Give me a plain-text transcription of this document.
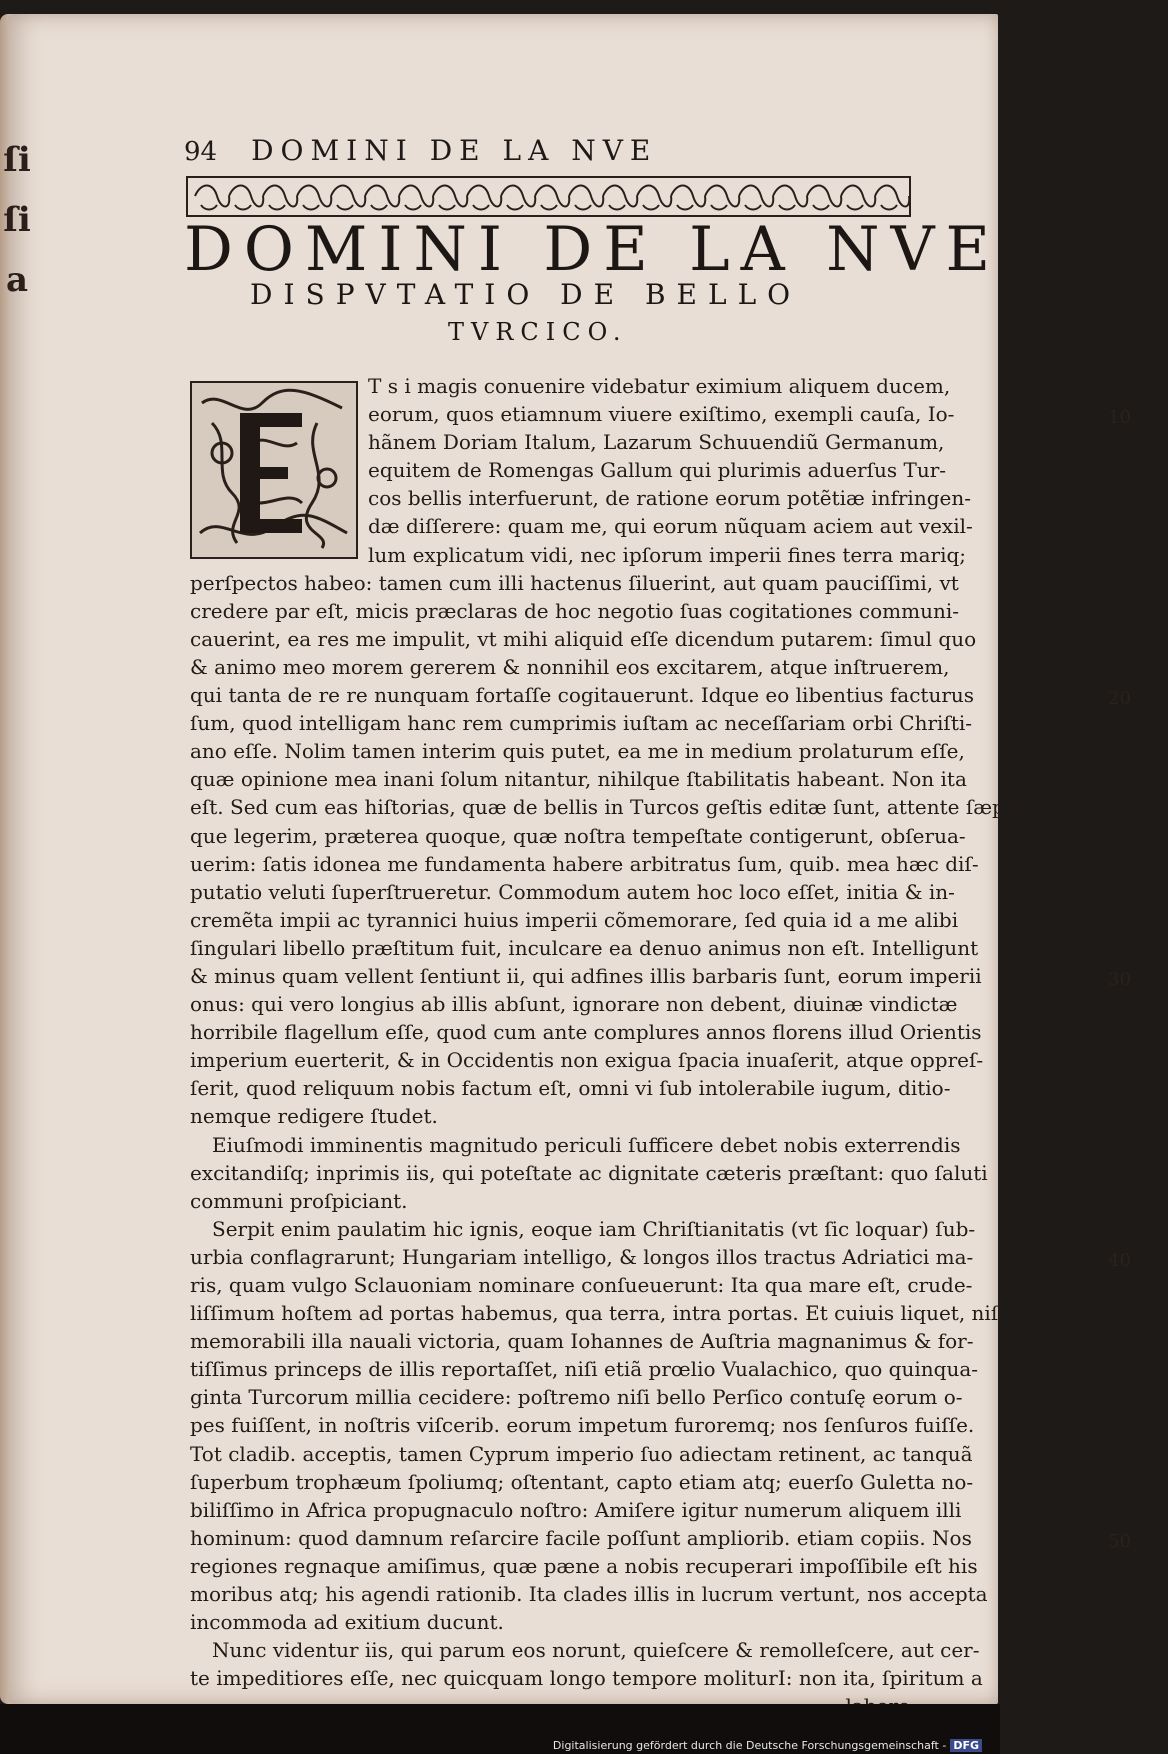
ſi
ſi
a
94 DOMINI DE LA NVE
DOMINI DE LA NVE
DISPVTATIO DE BELLO
TVRCICO.
T s i magis conuenire videbatur eximium aliquem ducem,
eorum, quos etiamnum viuere exiſtimo, exempli cauſa, Io-
hãnem Doriam Italum, Lazarum Schuuendiũ Germanum,
equitem de Romengas Gallum qui plurimis aduerſus Tur-
cos bellis interfuerunt, de ratione eorum potẽtiæ infringen-
dæ diſſerere: quam me, qui eorum nũquam aciem aut vexil-
lum explicatum vidi, nec ipſorum imperii fines terra mariq;
perſpectos habeo: tamen cum illi hactenus ſiluerint, aut quam pauciſſimi, vt
credere par eſt, micis præclaras de hoc negotio ſuas cogitationes communi-
cauerint, ea res me impulit, vt mihi aliquid eſſe dicendum putarem: ſimul quo
& animo meo morem gererem & nonnihil eos excitarem, atque inſtruerem,
qui tanta de re re nunquam fortaſſe cogitauerunt. Idque eo libentius facturus
ſum, quod intelligam hanc rem cumprimis iuſtam ac neceſſariam orbi Chriſti-
ano eſſe. Nolim tamen interim quis putet, ea me in medium prolaturum eſſe,
quæ opinione mea inani ſolum nitantur, nihilque ſtabilitatis habeant. Non ita
eſt. Sed cum eas hiſtorias, quæ de bellis in Turcos geſtis editæ ſunt, attente ſæpe-
que legerim, præterea quoque, quæ noſtra tempeſtate contigerunt, obſerua-
uerim: ſatis idonea me fundamenta habere arbitratus ſum, quib. mea hæc diſ-
putatio veluti ſuperſtrueretur. Commodum autem hoc loco eſſet, initia & in-
cremẽta impii ac tyrannici huius imperii cõmemorare, ſed quia id a me alibi
ſingulari libello præſtitum fuit, inculcare ea denuo animus non eſt. Intelligunt
& minus quam vellent ſentiunt ii, qui adfines illis barbaris ſunt, eorum imperii
onus: qui vero longius ab illis abſunt, ignorare non debent, diuinæ vindictæ
horribile flagellum eſſe, quod cum ante complures annos florens illud Orientis
imperium euerterit, & in Occidentis non exigua ſpacia inuaſerit, atque oppreſ-
ſerit, quod reliquum nobis factum eſt, omni vi ſub intolerabile iugum, ditio-
nemque redigere ſtudet.
Eiuſmodi imminentis magnitudo periculi ſufficere debet nobis exterrendis
excitandiſq; inprimis iis, qui poteſtate ac dignitate cæteris præſtant: quo ſaluti
communi proſpiciant.
Serpit enim paulatim hic ignis, eoque iam Chriſtianitatis (vt ſic loquar) ſub-
urbia conflagrarunt; Hungariam intelligo, & longos illos tractus Adriatici ma-
ris, quam vulgo Sclauoniam nominare conſueuerunt: Ita qua mare eſt, crude-
liſſimum hoſtem ad portas habemus, qua terra, intra portas. Et cuiuis liquet, niſi
memorabili illa nauali victoria, quam Iohannes de Auſtria magnanimus & for-
tiſſimus princeps de illis reportaſſet, niſi etiã prœlio Vualachico, quo quinqua-
ginta Turcorum millia cecidere: poſtremo niſi bello Perſico contuſę eorum o-
pes fuiſſent, in noſtris viſcerib. eorum impetum furoremq; nos ſenſuros fuiſſe.
Tot cladib. acceptis, tamen Cyprum imperio ſuo adiectam retinent, ac tanquã
ſuperbum trophæum ſpoliumq; oſtentant, capto etiam atq; euerſo Guletta no-
biliſſimo in Africa propugnaculo noſtro: Amiſere igitur numerum aliquem illi
hominum: quod damnum reſarcire facile poſſunt ampliorib. etiam copiis. Nos
regiones regnaque amiſimus, quæ pæne a nobis recuperari impoſſibile eſt his
moribus atq; his agendi rationib. Ita clades illis in lucrum vertunt, nos accepta
incommoda ad exitium ducunt.
Nunc videntur iis, qui parum eos norunt, quieſcere & remolleſcere, aut cer-
te impeditiores eſſe, nec quicquam longo tempore moliturI: non ita, ſpiritum a
10
20
30
40
50
Digitalisierung gefördert durch die Deutsche Forschungsgemeinschaft - DFG
